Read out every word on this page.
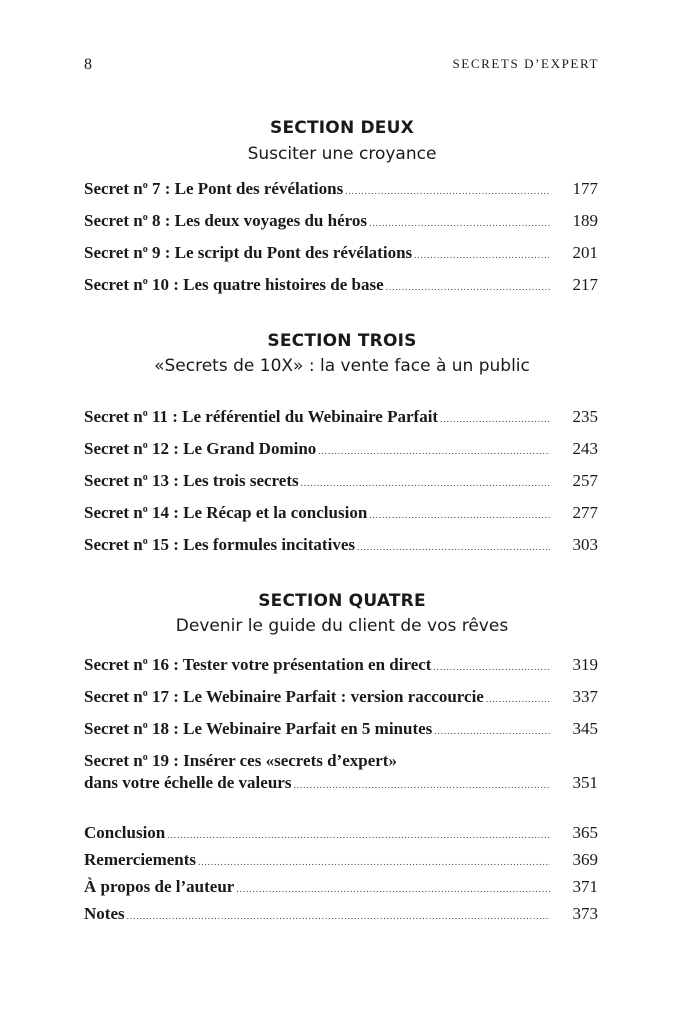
8	SECRETS D’EXPERT
SECTION DEUX
Susciter une croyance
Secret $n^o$ 7 : Le Pont des révélations .....	177
Secret $n^o$ 8 : Les deux voyages du héros .....	189
Secret $n^o$ 9 : Le script du Pont des révélations .....	201
Secret $n^o$ 10 : Les quatre histoires de base .....	217
SECTION TROIS
«Secrets de 10X» : la vente face à un public
Secret $n^o$ 11 : Le référentiel du Webinaire Parfait .....	235
Secret $n^o$ 12 : Le Grand Domino .....	243
Secret $n^o$ 13 : Les trois secrets .....	257
Secret $n^o$ 14 : Le Récap et la conclusion .....	277
Secret $n^o$ 15 : Les formules incitatives .....	303
SECTION QUATRE
Devenir le guide du client de vos rêves
Secret $n^o$ 16 : Tester votre présentation en direct .....	319
Secret $n^o$ 17 : Le Webinaire Parfait : version raccourcie .....	337
Secret $n^o$ 18 : Le Webinaire Parfait en 5 minutes .....	345
Secret $n^o$ 19 : Insérer ces «secrets d’expert»
dans votre échelle de valeurs .....	351
Conclusion .....	365
Remerciements .....	369
À propos de l’auteur .....	371
Notes .....	373
